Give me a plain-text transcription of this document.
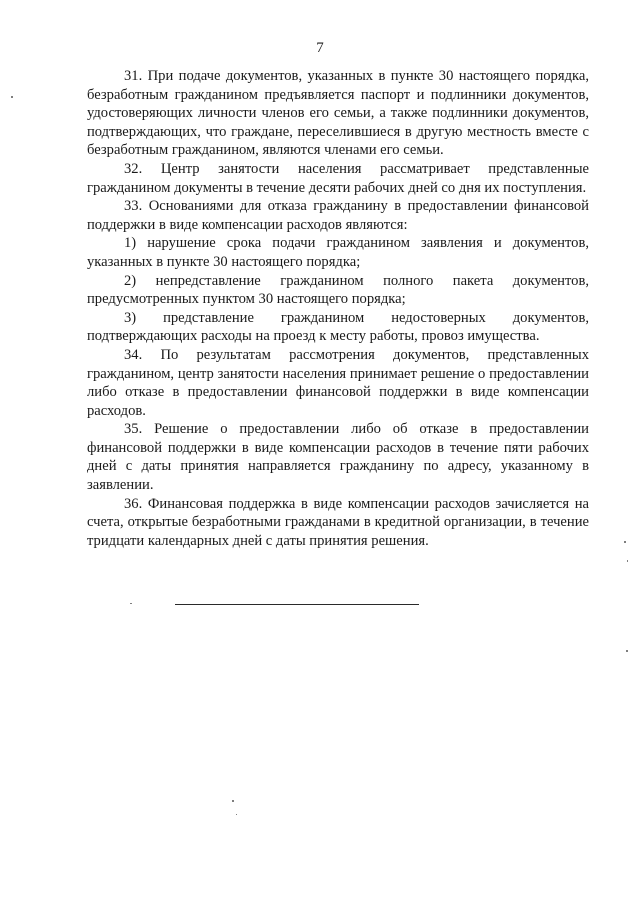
7

31. При подаче документов, указанных в пункте 30 настоящего порядка, безработным гражданином предъявляется паспорт и подлинники документов, удостоверяющих личности членов его семьи, а также подлинники документов, подтверждающих, что граждане, переселившиеся в другую местность вместе с безработным гражданином, являются членами его семьи.

32. Центр занятости населения рассматривает представленные гражданином документы в течение десяти рабочих дней со дня их поступления.

33. Основаниями для отказа гражданину в предоставлении финансовой поддержки в виде компенсации расходов являются:

1) нарушение срока подачи гражданином заявления и документов, указанных в пункте 30 настоящего порядка;

2) непредставление гражданином полного пакета документов, предусмотренных пунктом 30 настоящего порядка;

3) представление гражданином недостоверных документов, подтверждающих расходы на проезд к месту работы, провоз имущества.

34. По результатам рассмотрения документов, представленных гражданином, центр занятости населения принимает решение о предоставлении либо отказе в предоставлении финансовой поддержки в виде компенсации расходов.

35. Решение о предоставлении либо об отказе в предоставлении финансовой поддержки в виде компенсации расходов в течение пяти рабочих дней с даты принятия направляется гражданину по адресу, указанному в заявлении.

36. Финансовая поддержка в виде компенсации расходов зачисляется на счета, открытые безработными гражданами в кредитной организации, в течение тридцати календарных дней с даты принятия решения.
